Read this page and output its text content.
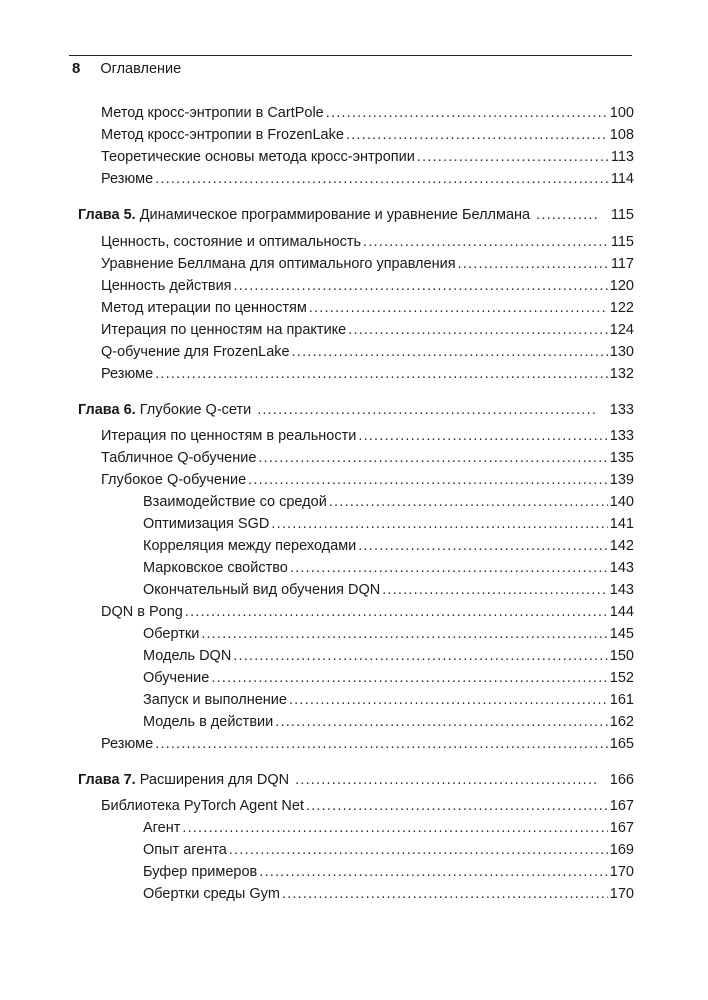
8 Оглавление
Метод кросс-энтропии в CartPole .....	100
Метод кросс-энтропии в FrozenLake .....	108
Теоретические основы метода кросс-энтропии .....	113
Резюме .....	114
Глава 5. Динамическое программирование и уравнение Беллмана .....	115
Ценность, состояние и оптимальность .....	115
Уравнение Беллмана для оптимального управления .....	117
Ценность действия .....	120
Метод итерации по ценностям .....	122
Итерация по ценностям на практике .....	124
Q-обучение для FrozenLake .....	130
Резюме .....	132
Глава 6. Глубокие Q-сети .....	133
Итерация по ценностям в реальности .....	133
Табличное Q-обучение .....	135
Глубокое Q-обучение .....	139
Взаимодействие со средой .....	140
Оптимизация SGD .....	141
Корреляция между переходами .....	142
Марковское свойство .....	143
Окончательный вид обучения DQN .....	143
DQN в Pong .....	144
Обертки .....	145
Модель DQN .....	150
Обучение .....	152
Запуск и выполнение .....	161
Модель в действии .....	162
Резюме .....	165
Глава 7. Расширения для DQN .....	166
Библиотека PyTorch Agent Net .....	167
Агент .....	167
Опыт агента .....	169
Буфер примеров .....	170
Обертки среды Gym .....	170
